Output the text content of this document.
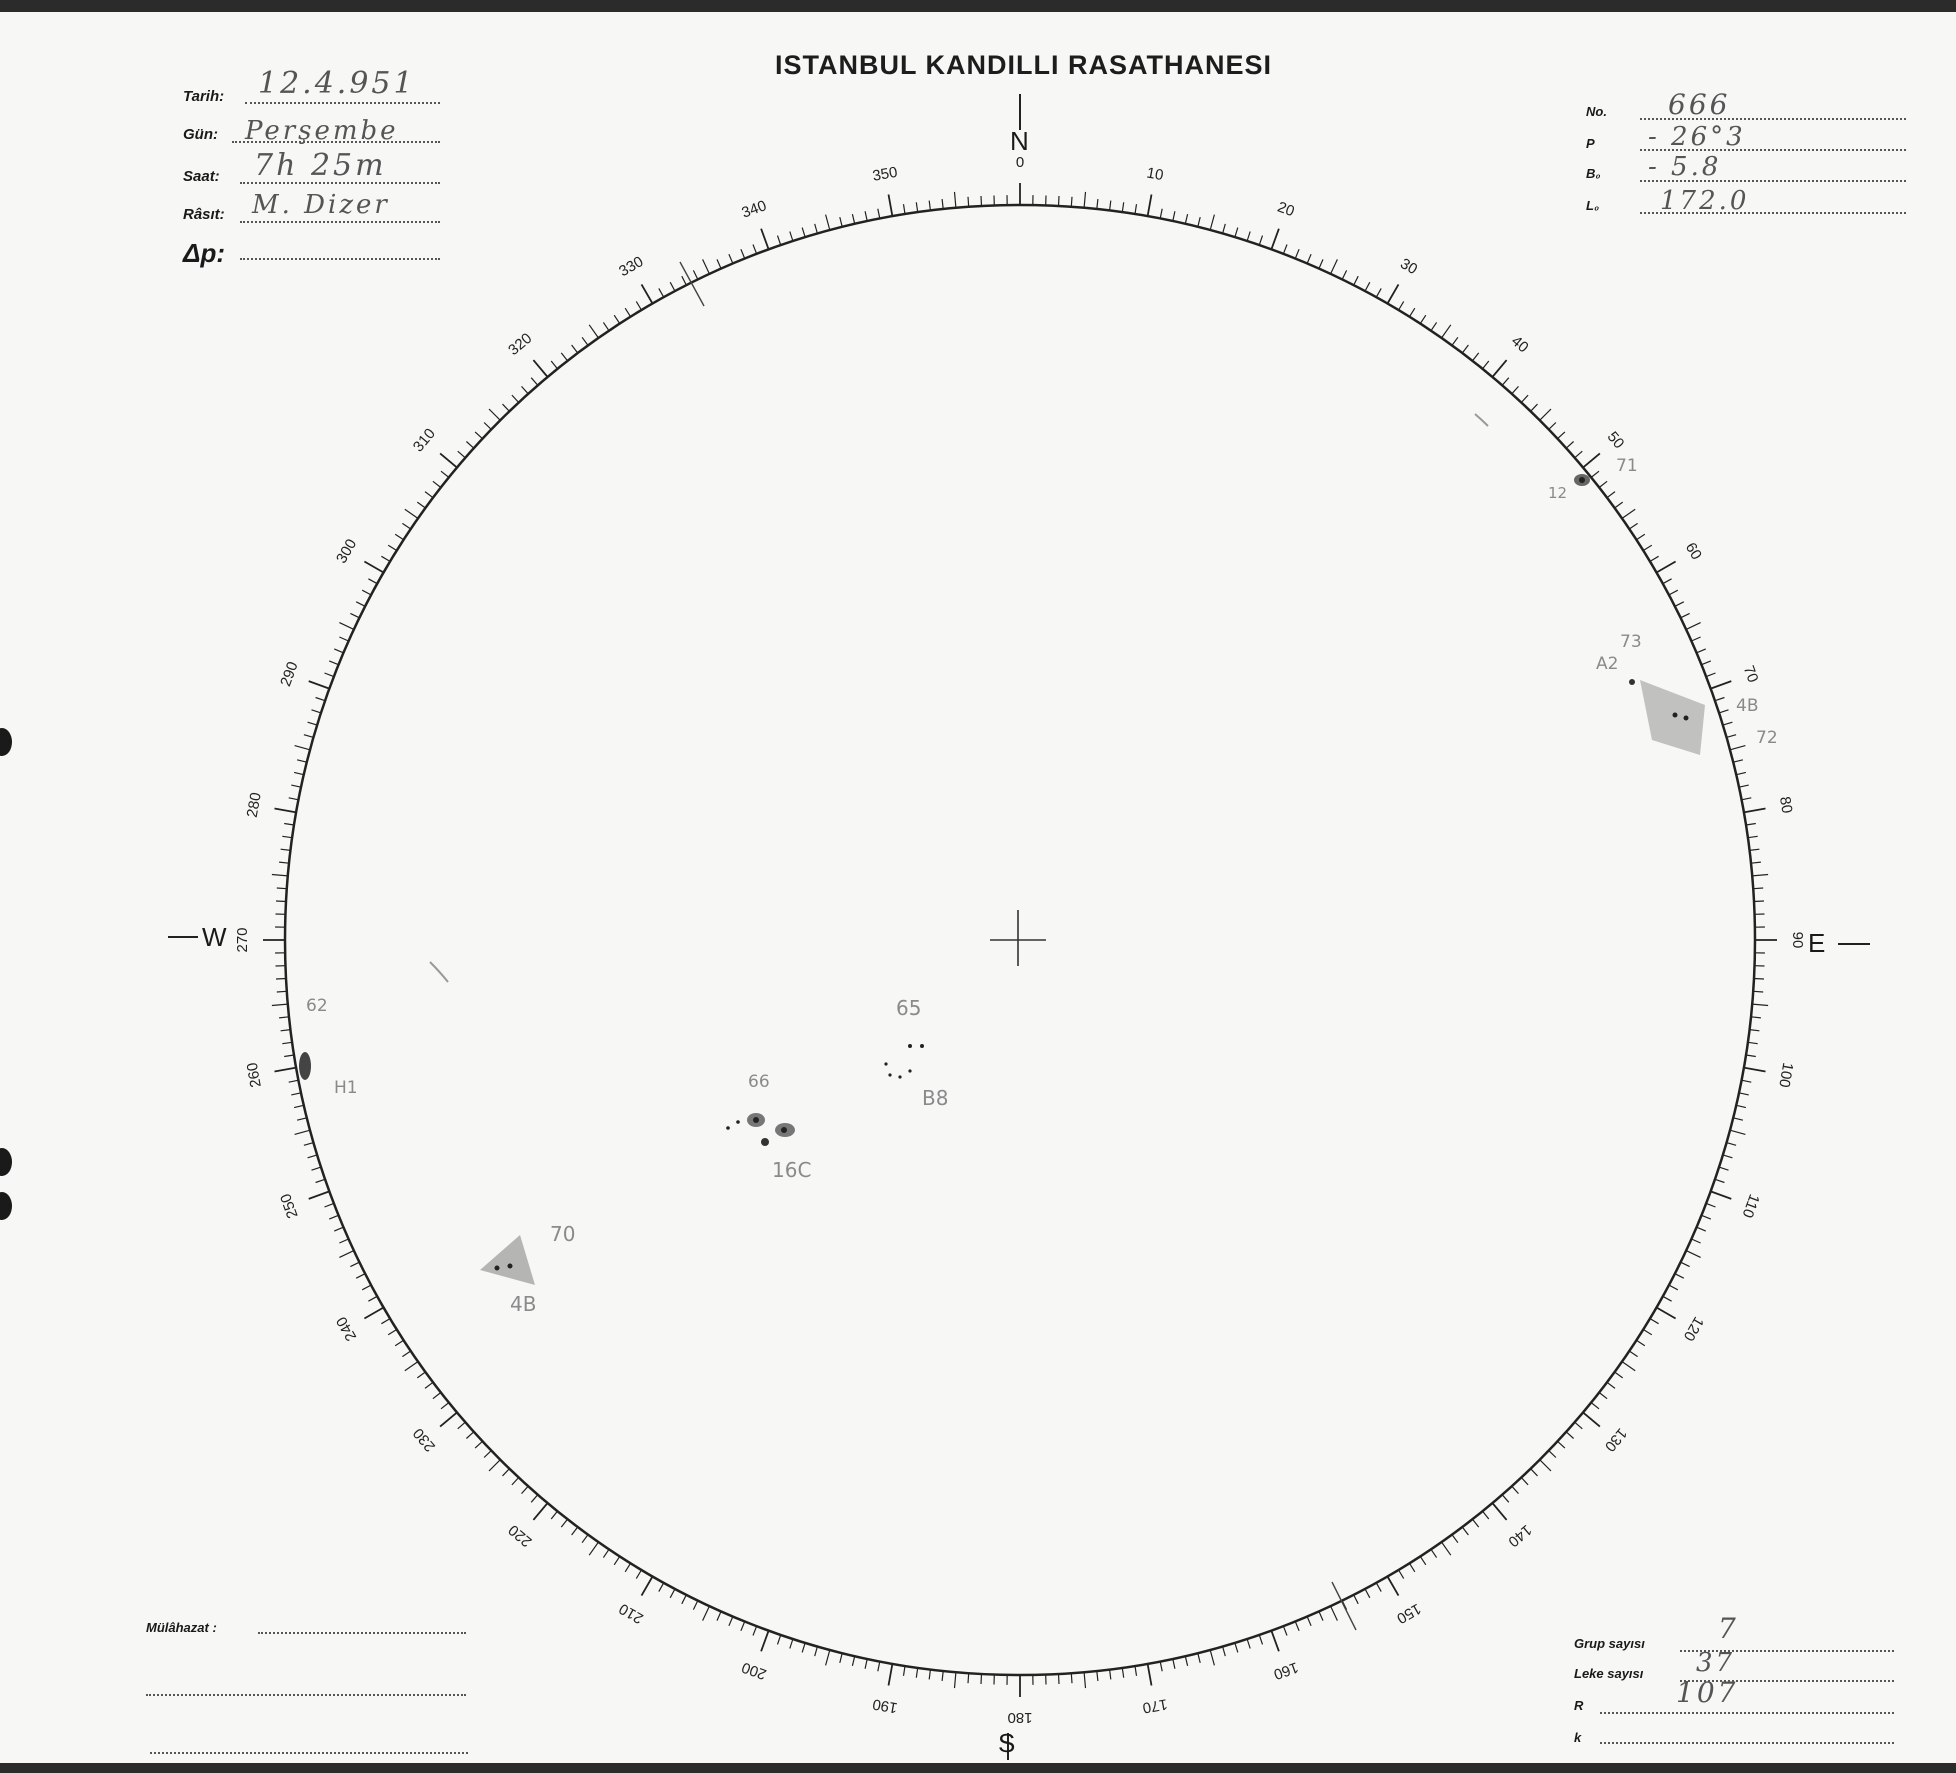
ISTANBUL KANDILLI RASATHANESI
Tarih: 12.4.951
Gün: Perşembe
Saat: 7h 25m
Râsıt: M. Dizer
Δp:
No. 666
P - 26°3
B₀ - 5.8
L₀ 172.0
0
10
20
30
40
50
60
70
80
90
100
110
120
130
140
150
160
170
180
190
200
210
220
230
240
250
260
270
280
290
300
310
320
330
340
350
N
S
E
W
65
B8
66
16C
70
4B
62
H1
71
12
73
A2
72
4B
Mülâhazat :
Grup sayısı	7
Leke sayısı 37
R	107
k
